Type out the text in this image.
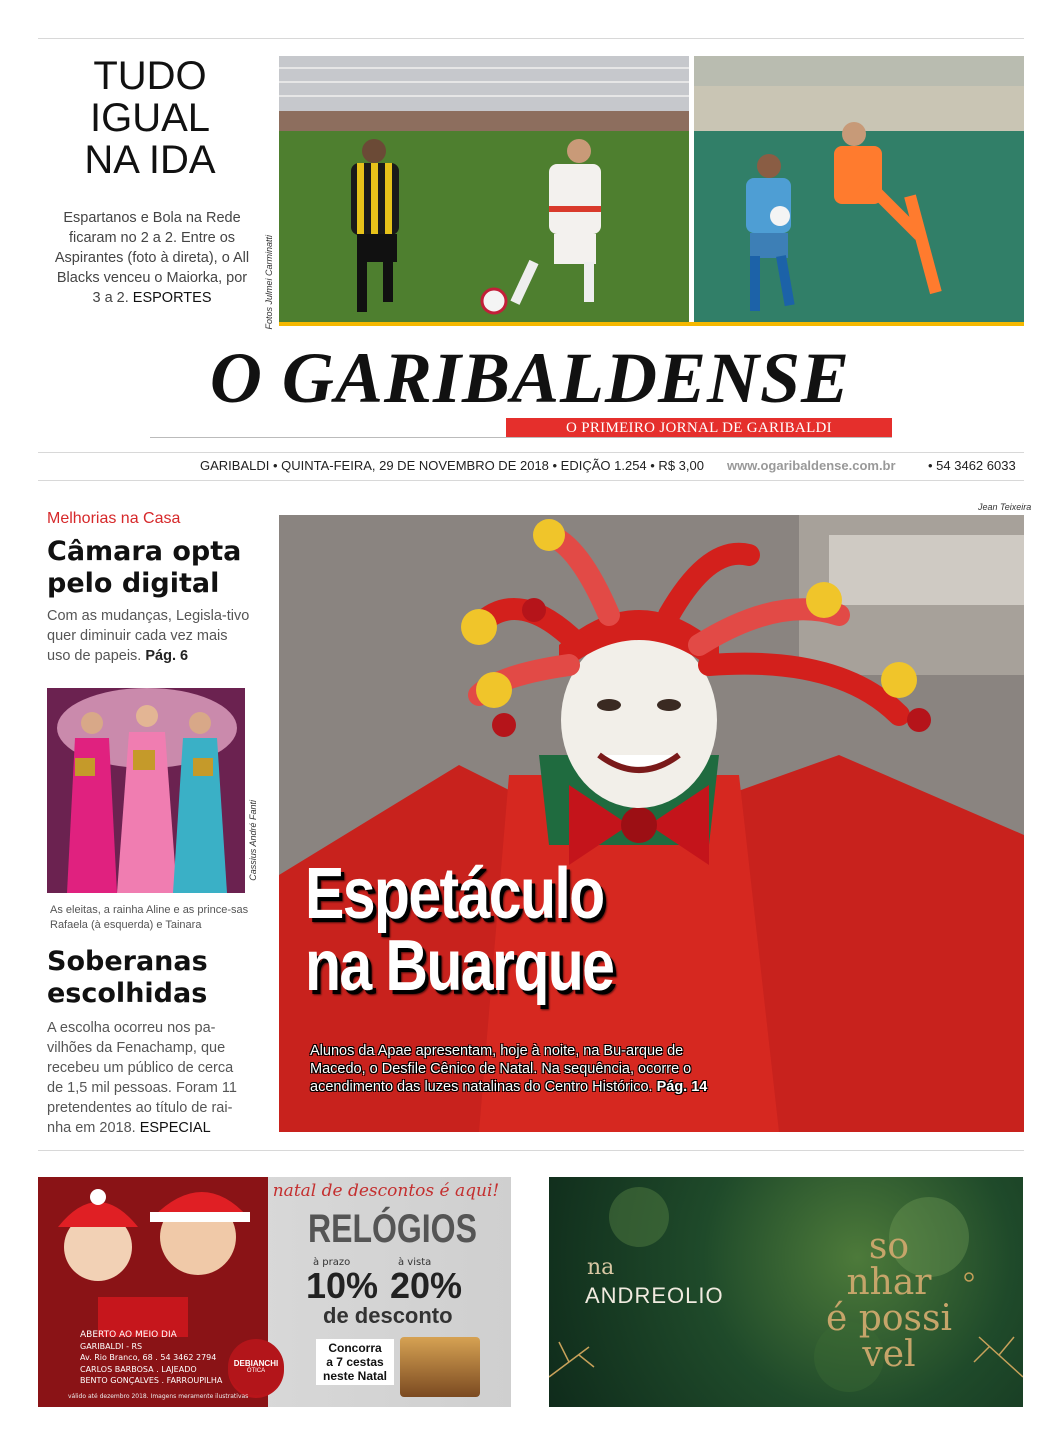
TUDO
IGUAL
NA IDA
Espartanos e Bola na Rede ficaram no 2 a 2. Entre os Aspirantes (foto à direta), o All Blacks venceu o Maiorka, por 3 a 2. ESPORTES	Fotos Julmei Carminatti
O GARIBALDENSE
O PRIMEIRO JORNAL DE GARIBALDI
GARIBALDI • QUINTA-FEIRA, 29 DE NOVEMBRO DE 2018 • EDIÇÃO 1.254 • R$ 3,00 www.ogaribaldense.com.br • 54 3462 6033
Melhorias na Casa
Câmara opta
pelo digital
Com as mudanças, Legisla-tivo quer diminuir cada vez mais uso de papeis. Pág. 6
Cassius André Fanti
As eleitas, a rainha Aline e as prince-sas Rafaela (à esquerda) e Tainara
Soberanas
escolhidas
A escolha ocorreu nos pa-vilhões da Fenachamp, que recebeu um público de cerca de 1,5 mil pessoas. Foram 11 pretendentes ao título de rai-nha em 2018. ESPECIAL
Jean Teixeira
Espetáculo
na Buarque
Alunos da Apae apresentam, hoje à noite, na Bu-arque de Macedo, o Desfile Cênico de Natal. Na sequência, ocorre o acendimento das luzes natalinas do Centro Histórico. Pág. 14
natal de descontos é aqui!
RELÓGIOS
à prazo
10%
à vista
20%
de desconto
ABERTO AO MEIO DIA
GARIBALDI - RS
Av. Rio Branco, 68 . 54 3462 2794
CARLOS BARBOSA . LAJEADO
BENTO GONÇALVES . FARROUPILHA
válido até dezembro 2018. Imagens meramente ilustrativas
DEBIANCHI
ÓTICA
Concorra
a 7 cestas
neste Natal
na
ANDREOLIO
so
nhar
é possi
vel
